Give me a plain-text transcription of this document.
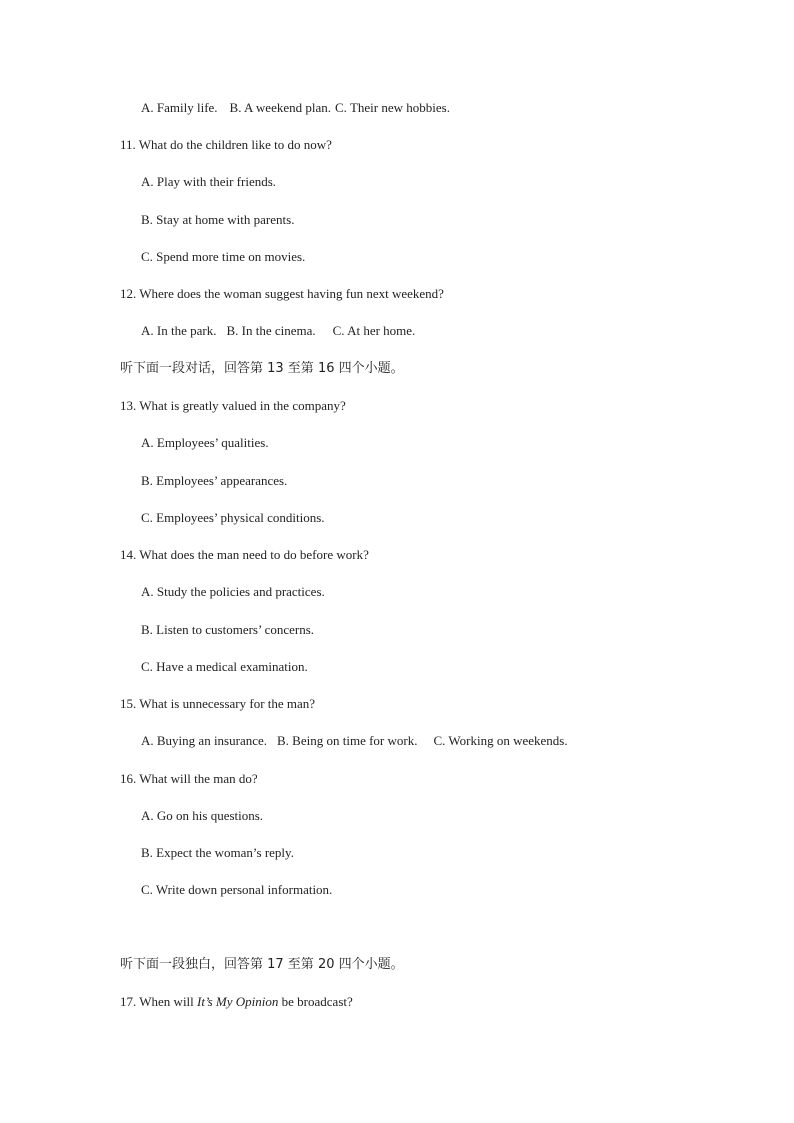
A. Family life. B. A weekend plan. C. Their new hobbies.
11. What do the children like to do now?
A. Play with their friends.
B. Stay at home with parents.
C. Spend more time on movies.
12. Where does the woman suggest having fun next weekend?
A. In the park. B. In the cinema. C. At her home.
听下面一段对话，回答第 13 至第 16 四个小题。
13. What is greatly valued in the company?
A. Employees’ qualities.
B. Employees’ appearances.
C. Employees’ physical conditions.
14. What does the man need to do before work?
A. Study the policies and practices.
B. Listen to customers’ concerns.
C. Have a medical examination.
15. What is unnecessary for the man?
A. Buying an insurance. B. Being on time for work. C. Working on weekends.
16. What will the man do?
A. Go on his questions.
B. Expect the woman’s reply.
C. Write down personal information.
听下面一段独白，回答第 17 至第 20 四个小题。
17. When will It’s My Opinion be broadcast?
